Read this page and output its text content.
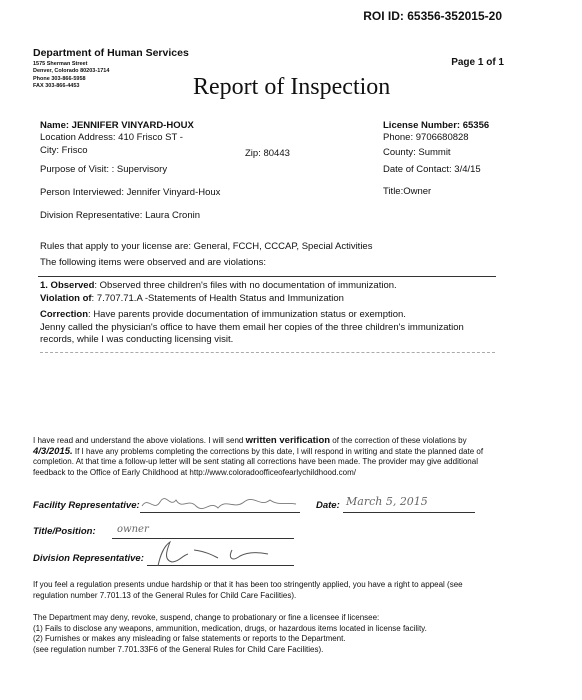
ROI ID: 65356-352015-20
Page 1 of 1
Department of Human Services
1575 Sherman Street
Denver, Colorado 80203-1714
Phone 303-866-5958
FAX 303-866-4453	Report of Inspection
Name: JENNIFER VINYARD-HOUX	License Number: 65356
Location Address: 410 Frisco ST -	Phone: 9706680828
City: Frisco	Zip: 80443	County: Summit
Purpose of Visit: : Supervisory	Date of Contact: 3/4/15
Person Interviewed: Jennifer Vinyard-Houx	Title:Owner
Division Representative: Laura Cronin
Rules that apply to your license are: General, FCCH, CCCAP, Special Activities
The following items were observed and are violations:
1. Observed: Observed three children's files with no documentation of immunization.
Violation of: 7.707.71.A -Statements of Health Status and Immunization
Correction: Have parents provide documentation of immunization status or exemption.
Jenny called the physician's office to have them email her copies of the three children's immunization
records, while I was conducting licensing visit.
I have read and understand the above violations. I will send written verification of the correction of these violations by
4/3/2015. If I have any problems completing the corrections by this date, I will respond in writing and state the planned date of
completion. At that time a follow-up letter will be sent stating all corrections have been made. The provider may give additional
feedback to the Office of Early Childhood at http://www.coloradoofficeofearlychildhood.com/
Facility Representative:	Date: March 5, 2015
Title/Position: owner
Division Representative:
If you feel a regulation presents undue hardship or that it has been too stringently applied, you have a right to appeal (see
regulation number 7.701.13 of the General Rules for Child Care Facilities).
The Department may deny, revoke, suspend, change to probationary or fine a licensee if licensee:
(1) Fails to disclose any weapons, ammunition, medication, drugs, or hazardous items located in license facility.
(2) Furnishes or makes any misleading or false statements or reports to the Department.
(see regulation number 7.701.33F6 of the General Rules for Child Care Facilities).
